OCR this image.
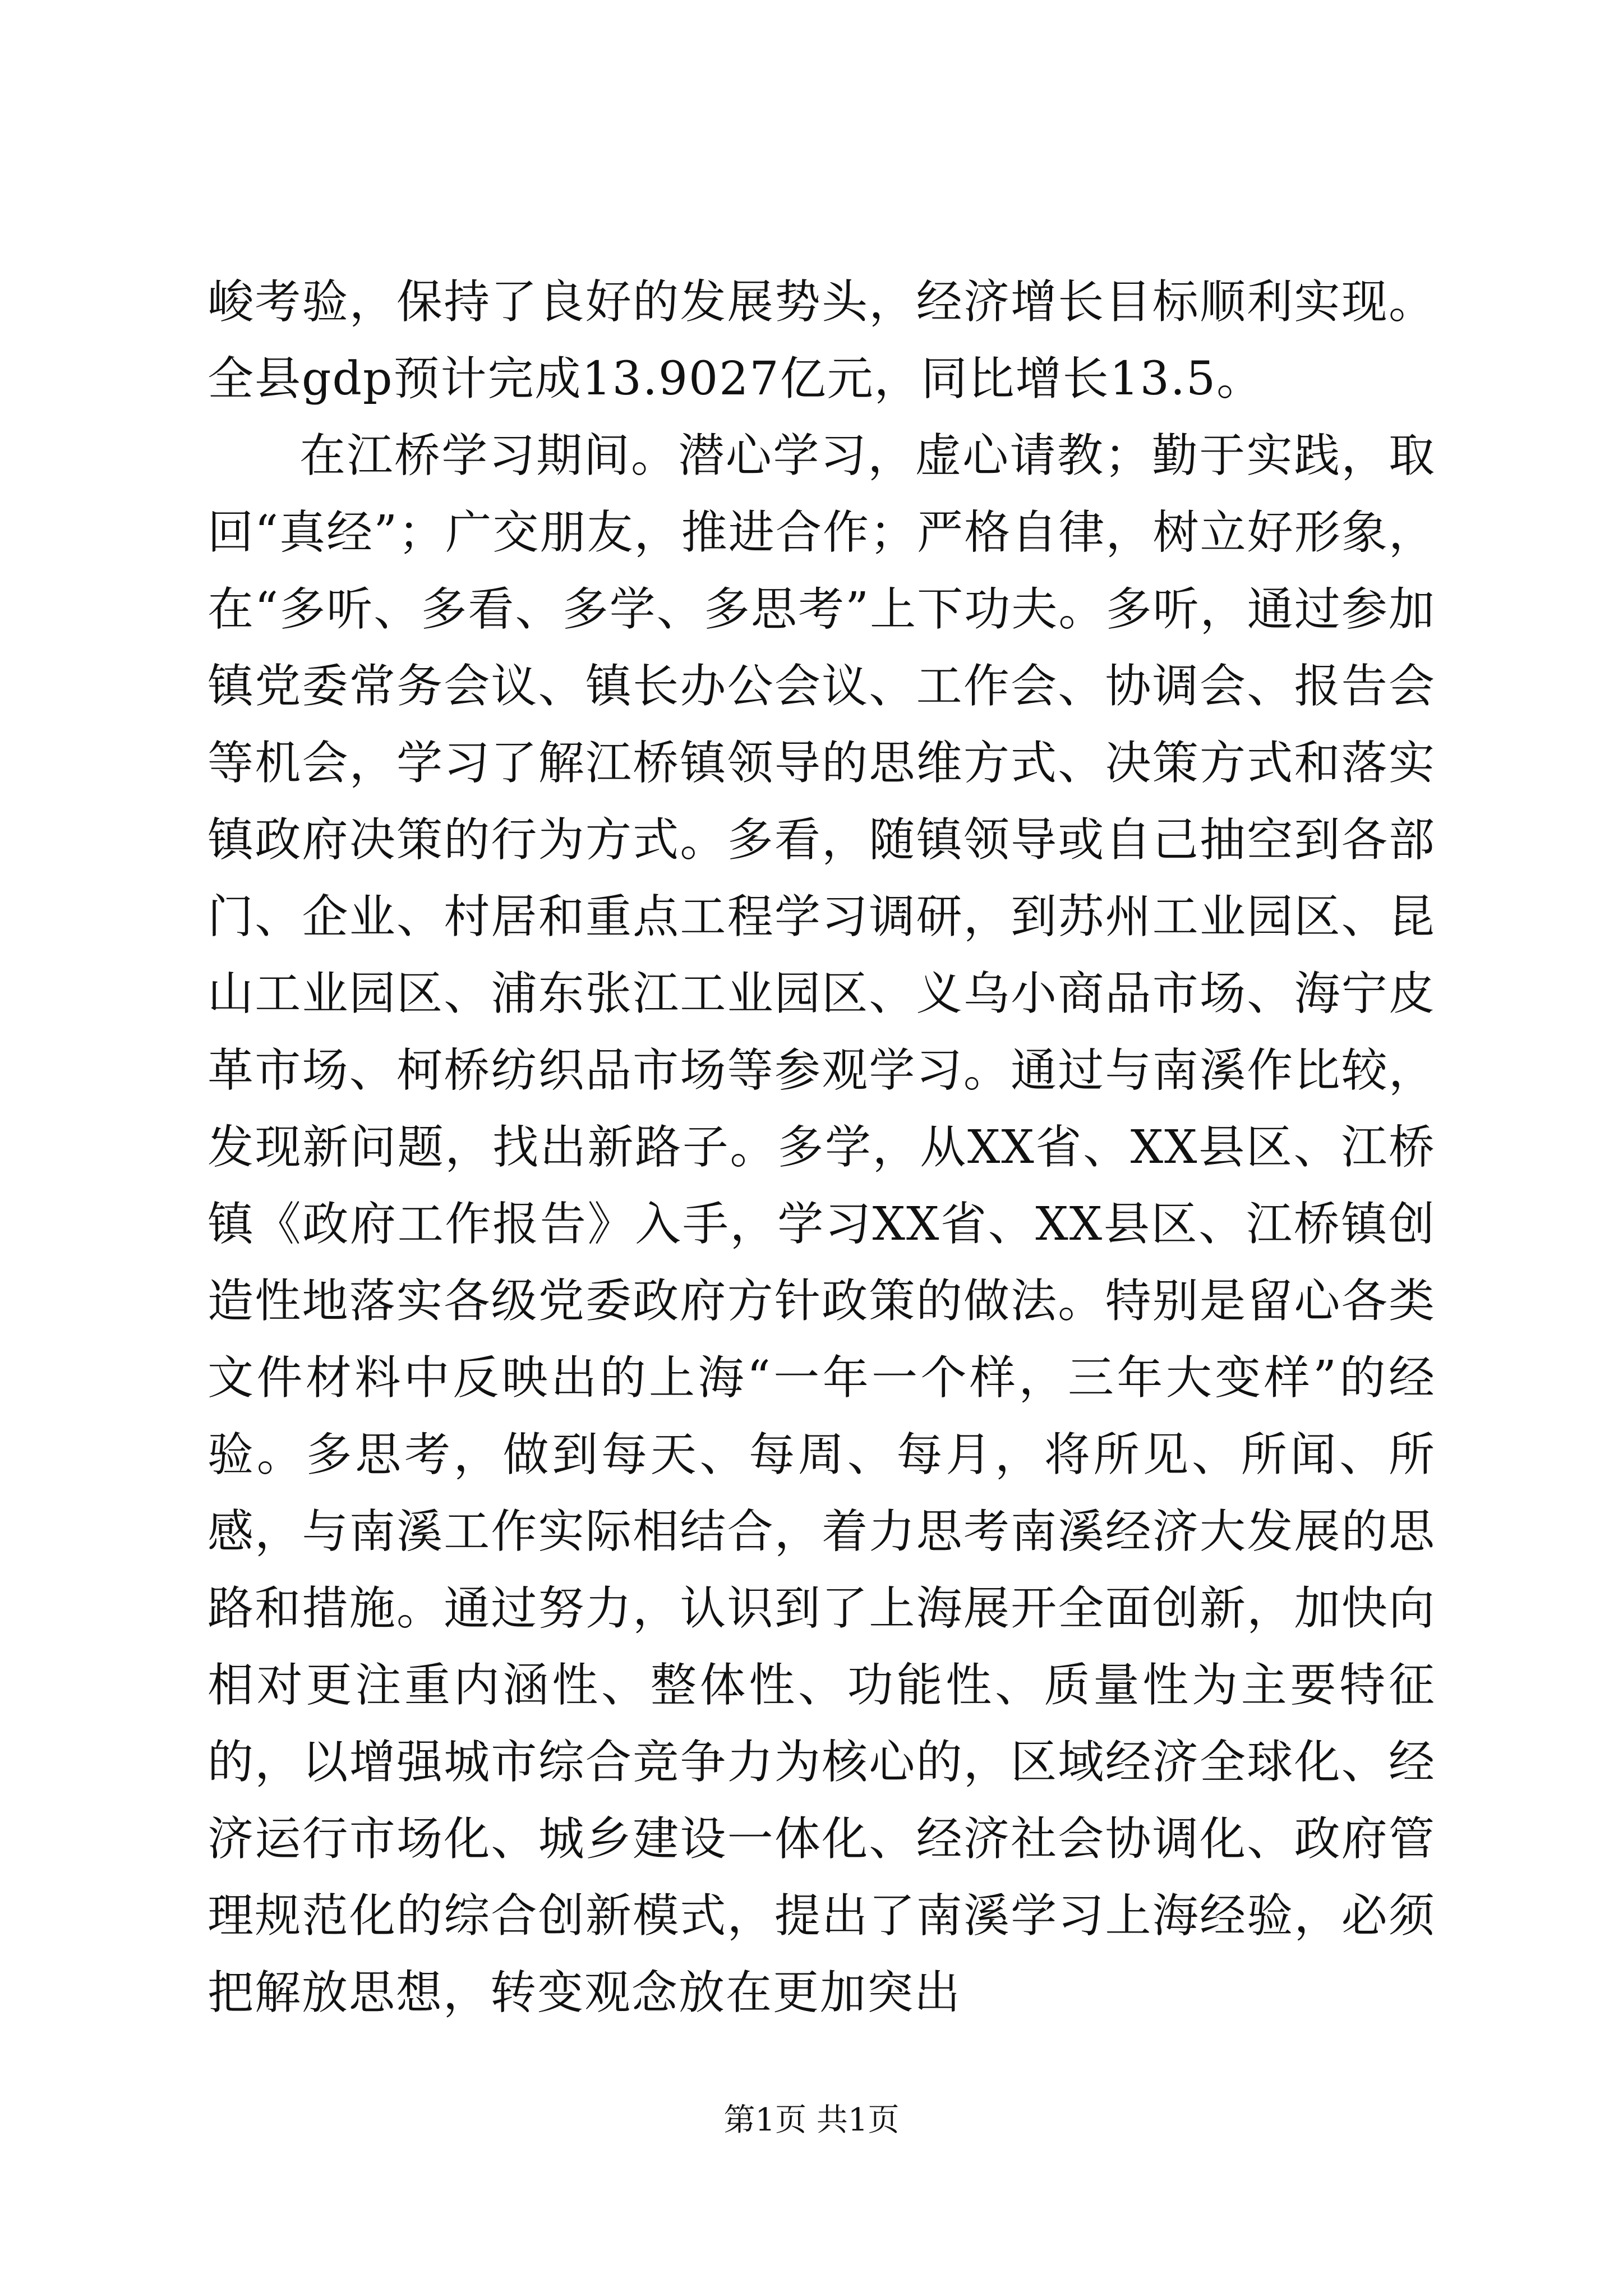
峻考验，保持了良好的发展势头，经济增长目标顺利实现。全县gdp预计完成13.9027亿元，同比增长13.5。

在江桥学习期间。潜心学习，虚心请教；勤于实践，取回“真经”；广交朋友，推进合作；严格自律，树立好形象，在“多听、多看、多学、多思考”上下功夫。多听，通过参加镇党委常务会议、镇长办公会议、工作会、协调会、报告会等机会，学习了解江桥镇领导的思维方式、决策方式和落实镇政府决策的行为方式。多看，随镇领导或自己抽空到各部门、企业、村居和重点工程学习调研，到苏州工业园区、昆山工业园区、浦东张江工业园区、义乌小商品市场、海宁皮革市场、柯桥纺织品市场等参观学习。通过与南溪作比较，发现新问题，找出新路子。多学，从XX省、XX县区、江桥镇《政府工作报告》入手，学习XX省、XX县区、江桥镇创造性地落实各级党委政府方针政策的做法。特别是留心各类文件材料中反映出的上海“一年一个样，三年大变样”的经验。多思考，做到每天、每周、每月，将所见、所闻、所感，与南溪工作实际相结合，着力思考南溪经济大发展的思路和措施。通过努力，认识到了上海展开全面创新，加快向相对更注重内涵性、整体性、功能性、质量性为主要特征的，以增强城市综合竞争力为核心的，区域经济全球化、经济运行市场化、城乡建设一体化、经济社会协调化、政府管理规范化的综合创新模式，提出了南溪学习上海经验，必须把解放思想，转变观念放在更加突出

第1页 共1页
